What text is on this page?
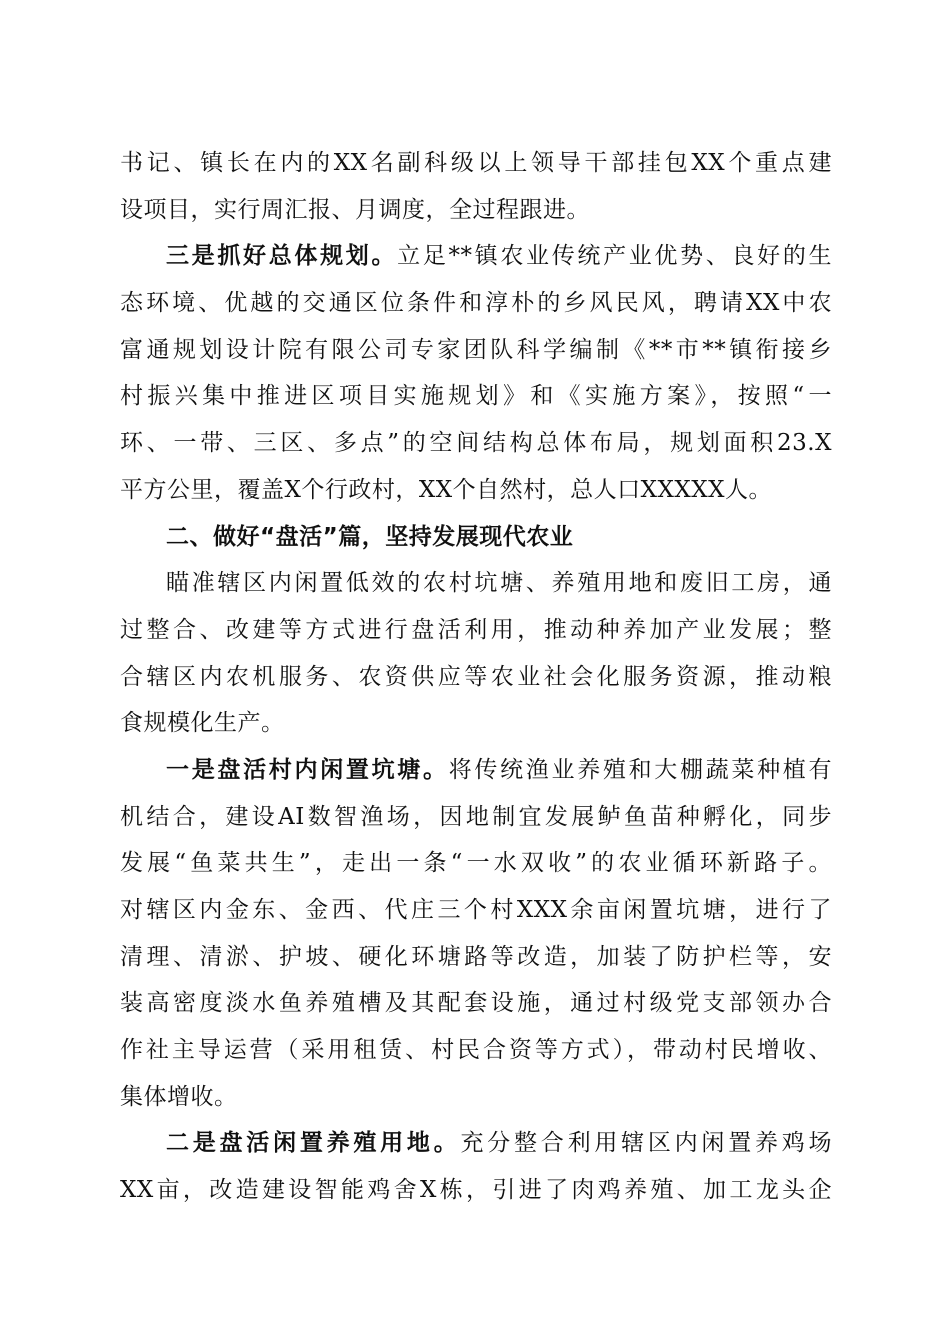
书记、镇长在内的XX名副科级以上领导干部挂包XX个重点建
设项目，实行周汇报、月调度，全过程跟进。
三是抓好总体规划。立足**镇农业传统产业优势、良好的生
态环境、优越的交通区位条件和淳朴的乡风民风，聘请XX中农
富通规划设计院有限公司专家团队科学编制《**市**镇衔接乡
村振兴集中推进区项目实施规划》和《实施方案》，按照“一
环、一带、三区、多点”的空间结构总体布局，规划面积23.X
平方公里，覆盖X个行政村，XX个自然村，总人口XXXXX人。
二、做好“盘活”篇，坚持发展现代农业
瞄准辖区内闲置低效的农村坑塘、养殖用地和废旧工房，通
过整合、改建等方式进行盘活利用，推动种养加产业发展；整
合辖区内农机服务、农资供应等农业社会化服务资源，推动粮
食规模化生产。
一是盘活村内闲置坑塘。将传统渔业养殖和大棚蔬菜种植有
机结合，建设AI数智渔场，因地制宜发展鲈鱼苗种孵化，同步
发展“鱼菜共生”，走出一条“一水双收”的农业循环新路子。
对辖区内金东、金西、代庄三个村XXX余亩闲置坑塘，进行了
清理、清淤、护坡、硬化环塘路等改造，加装了防护栏等，安
装高密度淡水鱼养殖槽及其配套设施，通过村级党支部领办合
作社主导运营（采用租赁、村民合资等方式），带动村民增收、
集体增收。
二是盘活闲置养殖用地。充分整合利用辖区内闲置养鸡场
XX亩，改造建设智能鸡舍X栋，引进了肉鸡养殖、加工龙头企
